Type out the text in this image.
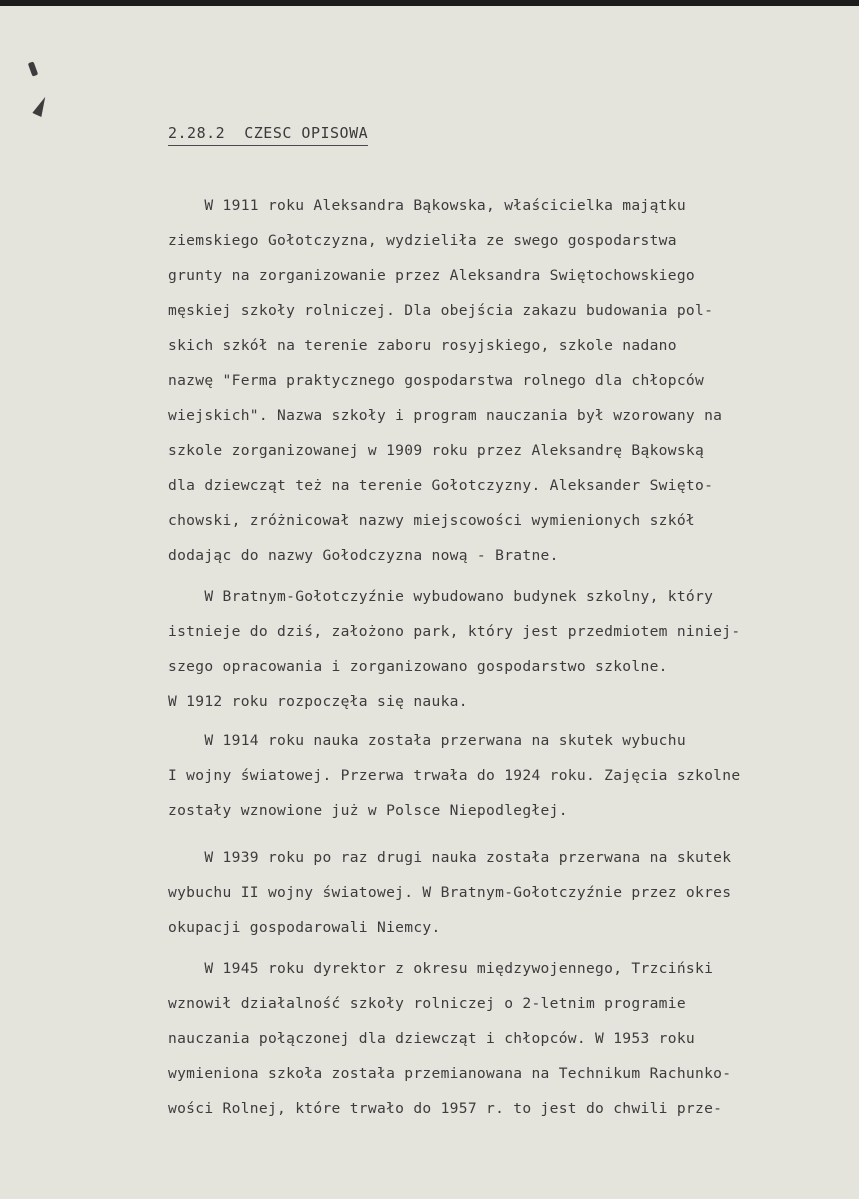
2.28.2  CZESC OPISOWA
W 1911 roku Aleksandra Bąkowska, właścicielka majątku
ziemskiego Gołotczyzna, wydzieliła ze swego gospodarstwa
grunty na zorganizowanie przez Aleksandra Swiętochowskiego
męskiej szkoły rolniczej. Dla obejścia zakazu budowania pol-
skich szkół na terenie zaboru rosyjskiego, szkole nadano
nazwę "Ferma praktycznego gospodarstwa rolnego dla chłopców
wiejskich". Nazwa szkoły i program nauczania był wzorowany na
szkole zorganizowanej w 1909 roku przez Aleksandrę Bąkowską
dla dziewcząt też na terenie Gołotczyzny. Aleksander Swięto-
chowski, zróżnicował nazwy miejscowości wymienionych szkół
dodając do nazwy Gołodczyzna nową - Bratne.
W Bratnym-Gołotczyźnie wybudowano budynek szkolny, który
istnieje do dziś, założono park, który jest przedmiotem niniej-
szego opracowania i zorganizowano gospodarstwo szkolne.
W 1912 roku rozpoczęła się nauka.
W 1914 roku nauka została przerwana na skutek wybuchu
I wojny światowej. Przerwa trwała do 1924 roku. Zajęcia szkolne
zostały wznowione już w Polsce Niepodległej.
W 1939 roku po raz drugi nauka została przerwana na skutek
wybuchu II wojny światowej. W Bratnym-Gołotczyźnie przez okres
okupacji gospodarowali Niemcy.
W 1945 roku dyrektor z okresu międzywojennego, Trzciński
wznowił działalność szkoły rolniczej o 2-letnim programie
nauczania połączonej dla dziewcząt i chłopców. W 1953 roku
wymieniona szkoła została przemianowana na Technikum Rachunko-
wości Rolnej, które trwało do 1957 r. to jest do chwili prze-
